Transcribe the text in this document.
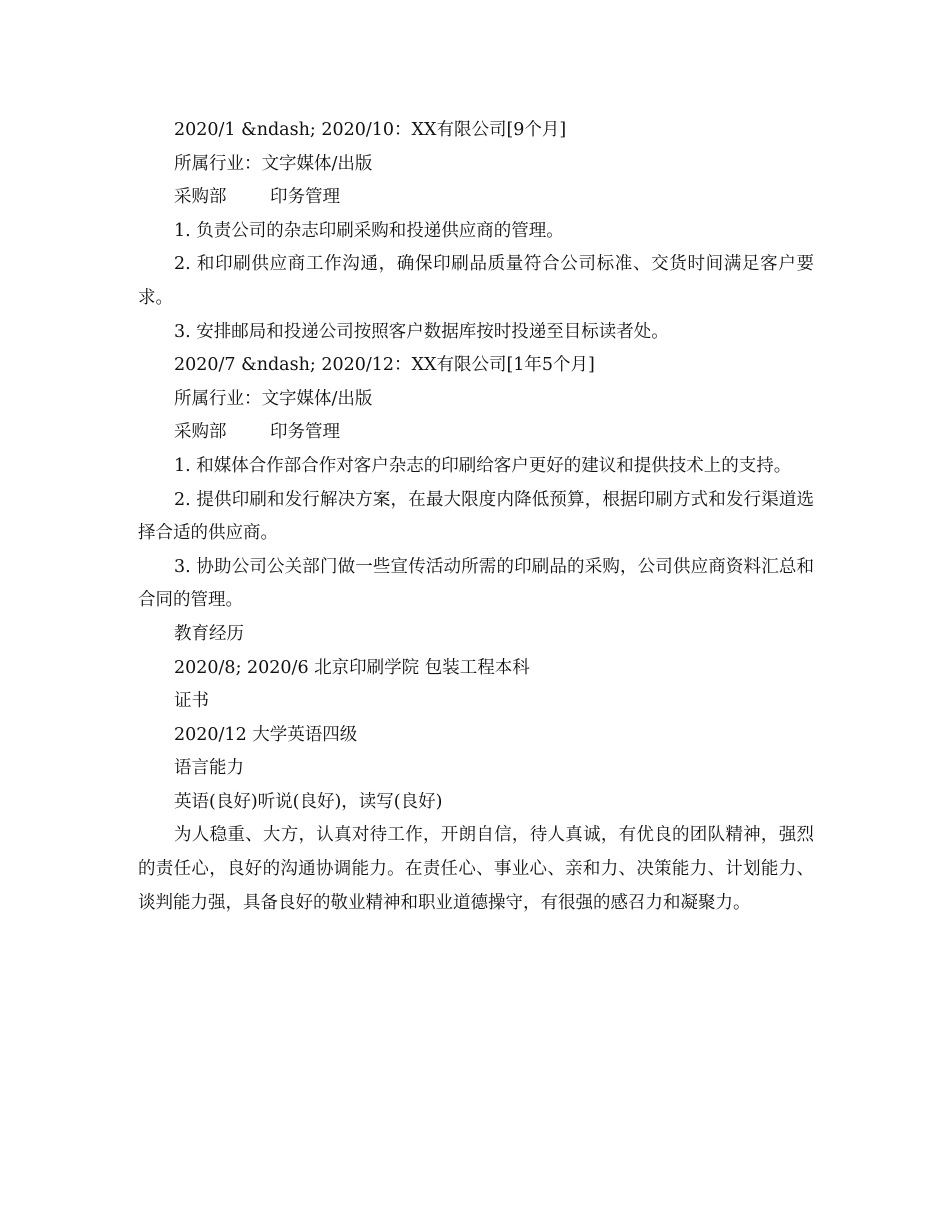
2020/1 &ndash; 2020/10：XX有限公司[9个月]

所属行业：文字媒体/出版

采购部 印务管理

1. 负责公司的杂志印刷采购和投递供应商的管理。

2. 和印刷供应商工作沟通，确保印刷品质量符合公司标准、交货时间满足客户要求。

3. 安排邮局和投递公司按照客户数据库按时投递至目标读者处。

2020/7 &ndash; 2020/12：XX有限公司[1年5个月]

所属行业：文字媒体/出版

采购部 印务管理

1. 和媒体合作部合作对客户杂志的印刷给客户更好的建议和提供技术上的支持。

2. 提供印刷和发行解决方案，在最大限度内降低预算，根据印刷方式和发行渠道选择合适的供应商。

3. 协助公司公关部门做一些宣传活动所需的印刷品的采购，公司供应商资料汇总和合同的管理。

教育经历

2020/8; 2020/6 北京印刷学院 包装工程本科

证书

2020/12 大学英语四级

语言能力

英语(良好)听说(良好)，读写(良好)

为人稳重、大方，认真对待工作，开朗自信，待人真诚，有优良的团队精神，强烈的责任心，良好的沟通协调能力。在责任心、事业心、亲和力、决策能力、计划能力、谈判能力强，具备良好的敬业精神和职业道德操守，有很强的感召力和凝聚力。
